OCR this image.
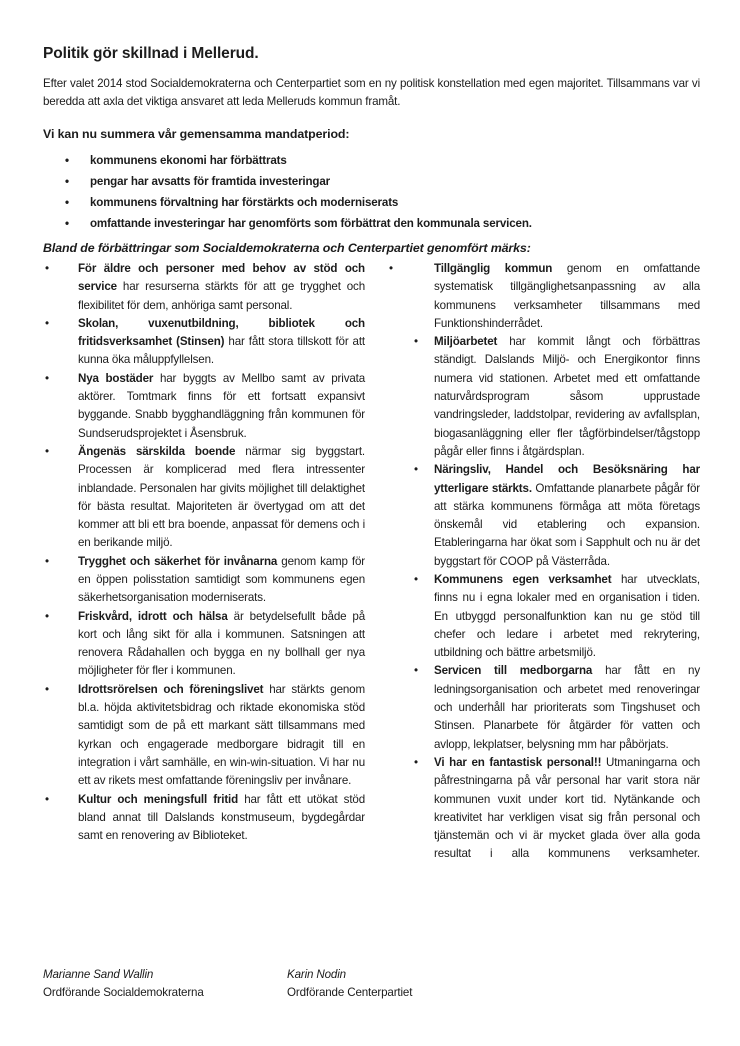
Politik gör skillnad i Mellerud.

Efter valet 2014 stod Socialdemokraterna och Centerpartiet som en ny politisk konstellation med egen majoritet. Tillsammans var vi beredda att axla det viktiga ansvaret att leda Melleruds kommun framåt.

Vi kan nu summera vår gemensamma mandatperiod:

• kommunens ekonomi har förbättrats
• pengar har avsatts för framtida investeringar
• kommunens förvaltning har förstärkts och moderniserats
• omfattande investeringar har genomförts som förbättrat den kommunala servicen.

Bland de förbättringar som Socialdemokraterna och Centerpartiet genomfört märks:

• För äldre och personer med behov av stöd och service har resurserna stärkts för att ge trygghet och flexibilitet för dem, anhöriga samt personal.
• Skolan, vuxenutbildning, bibliotek och fritidsverksamhet (Stinsen) har fått stora tillskott för att kunna öka måluppfyllelsen.
• Nya bostäder har byggts av Mellbo samt av privata aktörer. Tomtmark finns för ett fortsatt expansivt byggande. Snabb bygghandläggning från kommunen för Sundserudsprojektet i Åsensbruk.
• Ängenäs särskilda boende närmar sig byggstart. Processen är komplicerad med flera intressenter inblandade. Personalen har givits möjlighet till delaktighet för bästa resultat. Majoriteten är övertygad om att det kommer att bli ett bra boende, anpassat för demens och i en berikande miljö.
• Trygghet och säkerhet för invånarna genom kamp för en öppen polisstation samtidigt som kommunens egen säkerhetsorganisation moderniserats.
• Friskvård, idrott och hälsa är betydelsefullt både på kort och lång sikt för alla i kommunen. Satsningen att renovera Rådahallen och bygga en ny bollhall ger nya möjligheter för fler i kommunen.
• Idrottsrörelsen och föreningslivet har stärkts genom bl.a. höjda aktivitetsbidrag och riktade ekonomiska stöd samtidigt som de på ett markant sätt tillsammans med kyrkan och engagerade medborgare bidragit till en integration i vårt samhälle, en win-win-situation. Vi har nu ett av rikets mest omfattande föreningsliv per invånare.
• Kultur och meningsfull fritid har fått ett utökat stöd bland annat till Dalslands konstmuseum, bygdegårdar samt en renovering av Biblioteket.
• Tillgänglig kommun genom en omfattande systematisk tillgänglighetsanpassning av alla kommunens verksamheter tillsammans med Funktionshinderrådet.
• Miljöarbetet har kommit långt och förbättras ständigt. Dalslands Miljö- och Energikontor finns numera vid stationen. Arbetet med ett omfattande naturvårdsprogram såsom upprustade vandringsleder, laddstolpar, revidering av avfallsplan, biogasanläggning eller fler tågförbindelser/tågstopp pågår eller finns i åtgärdsplan.
• Näringsliv, Handel och Besöksnäring har ytterligare stärkts. Omfattande planarbete pågår för att stärka kommunens förmåga att möta företags önskemål vid etablering och expansion. Etableringarna har ökat som i Sapphult och nu är det byggstart för COOP på Västerråda.
• Kommunens egen verksamhet har utvecklats, finns nu i egna lokaler med en organisation i tiden. En utbyggd personalfunktion kan nu ge stöd till chefer och ledare i arbetet med rekrytering, utbildning och bättre arbetsmiljö.
• Servicen till medborgarna har fått en ny ledningsorganisation och arbetet med renoveringar och underhåll har prioriterats som Tingshuset och Stinsen. Planarbete för åtgärder för vatten och avlopp, lekplatser, belysning mm har påbörjats.
• Vi har en fantastisk personal!! Utmaningarna och påfrestningarna på vår personal har varit stora när kommunen vuxit under kort tid. Nytänkande och kreativitet har verkligen visat sig från personal och tjänstemän och vi är mycket glada över alla goda resultat i alla kommunens verksamheter.
Marianne Sand Wallin
Ordförande Socialdemokraterna
Karin Nodin
Ordförande Centerpartiet
